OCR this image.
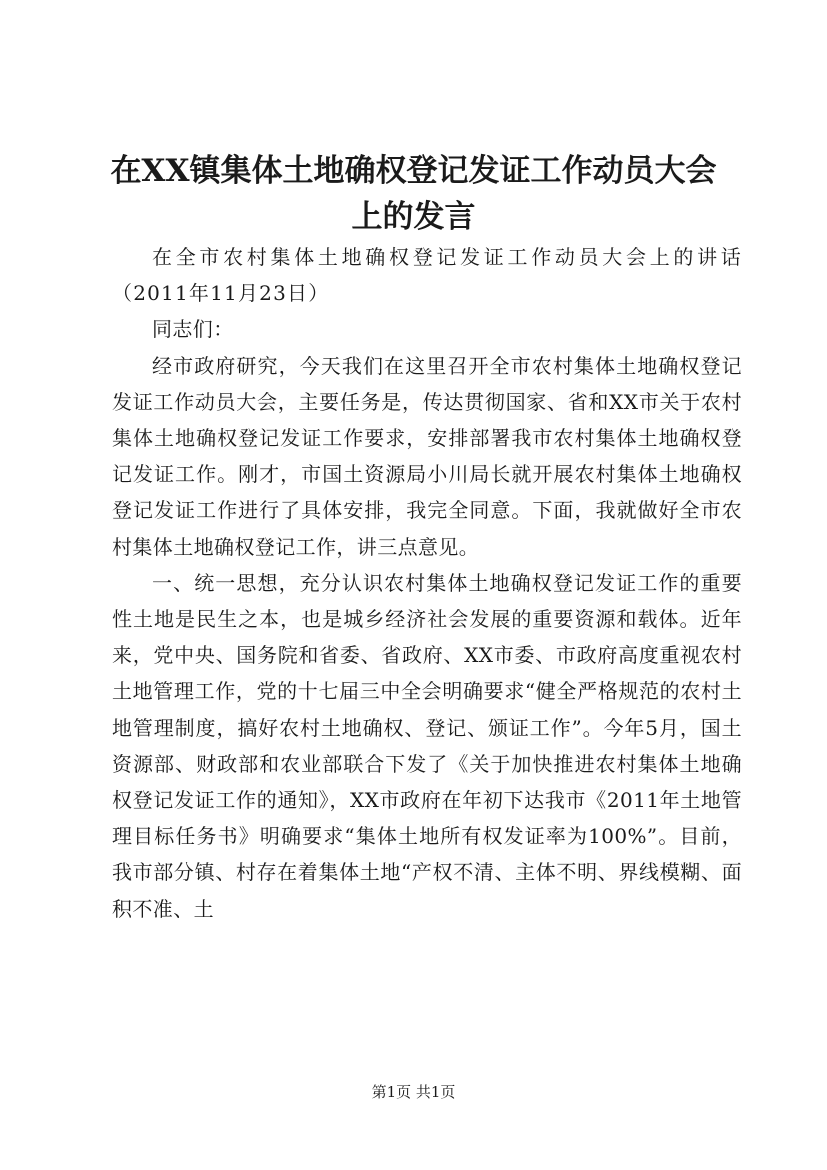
在XX镇集体土地确权登记发证工作动员大会上的发言

在全市农村集体土地确权登记发证工作动员大会上的讲话（2011年11月23日）

同志们：

经市政府研究，今天我们在这里召开全市农村集体土地确权登记发证工作动员大会，主要任务是，传达贯彻国家、省和XX市关于农村集体土地确权登记发证工作要求，安排部署我市农村集体土地确权登记发证工作。刚才，市国土资源局小川局长就开展农村集体土地确权登记发证工作进行了具体安排，我完全同意。下面，我就做好全市农村集体土地确权登记工作，讲三点意见。

一、统一思想，充分认识农村集体土地确权登记发证工作的重要性土地是民生之本，也是城乡经济社会发展的重要资源和载体。近年来，党中央、国务院和省委、省政府、XX市委、市政府高度重视农村土地管理工作，党的十七届三中全会明确要求“健全严格规范的农村土地管理制度，搞好农村土地确权、登记、颁证工作”。今年5月，国土资源部、财政部和农业部联合下发了《关于加快推进农村集体土地确权登记发证工作的通知》，XX市政府在年初下达我市《2011年土地管理目标任务书》明确要求“集体土地所有权发证率为100%”。目前，我市部分镇、村存在着集体土地“产权不清、主体不明、界线模糊、面积不准、土

第1页 共1页
